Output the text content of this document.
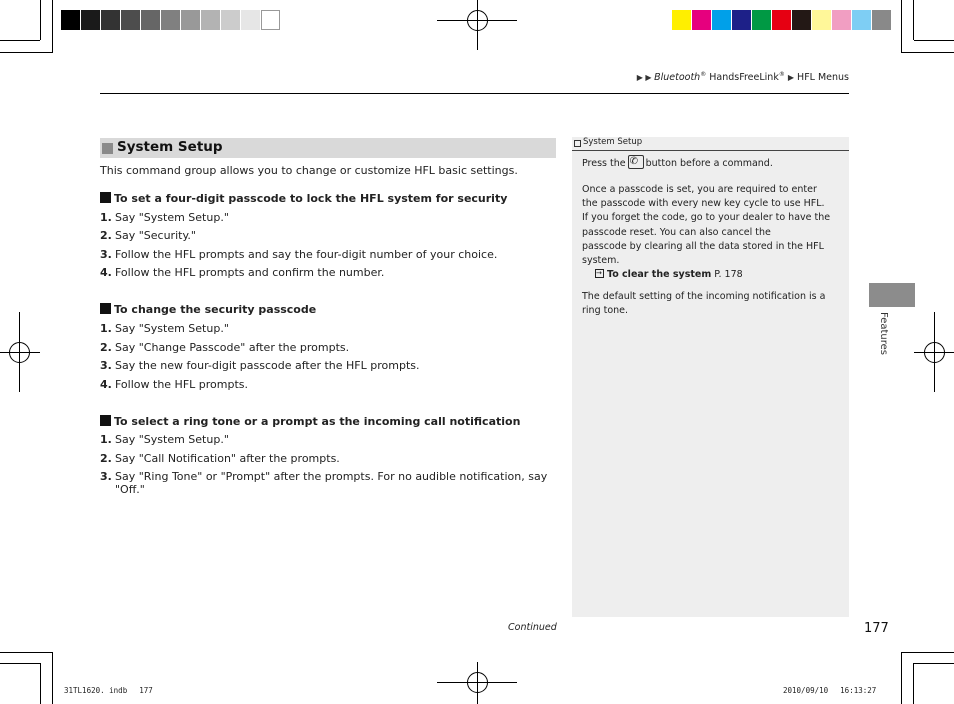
▶ ▶ Bluetooth® HandsFreeLink® ▶ HFL Menus
System Setup
This command group allows you to change or customize HFL basic settings.
To set a four-digit passcode to lock the HFL system for security
1. Say "System Setup."
2. Say "Security."
3. Follow the HFL prompts and say the four-digit number of your choice.
4. Follow the HFL prompts and confirm the number.
To change the security passcode
1. Say "System Setup."
2. Say "Change Passcode" after the prompts.
3. Say the new four-digit passcode after the HFL prompts.
4. Follow the HFL prompts.
To select a ring tone or a prompt as the incoming call notification
1. Say "System Setup."
2. Say "Call Notification" after the prompts.
3. Say "Ring Tone" or "Prompt" after the prompts. For no audible notification, say
"Off."
System Setup
Press the✆ button before a command.
Once a passcode is set, you are required to enter
the passcode with every new key cycle to use HFL.
If you forget the code, go to your dealer to have the
passcode reset. You can also cancel the
passcode by clearing all the data stored in the HFL
system.
→To clear the system P. 178
The default setting of the incoming notification is a
ring tone.
Features
Continued	177
31TL1620. indb 　177	2010/09/10 　16:13:27
